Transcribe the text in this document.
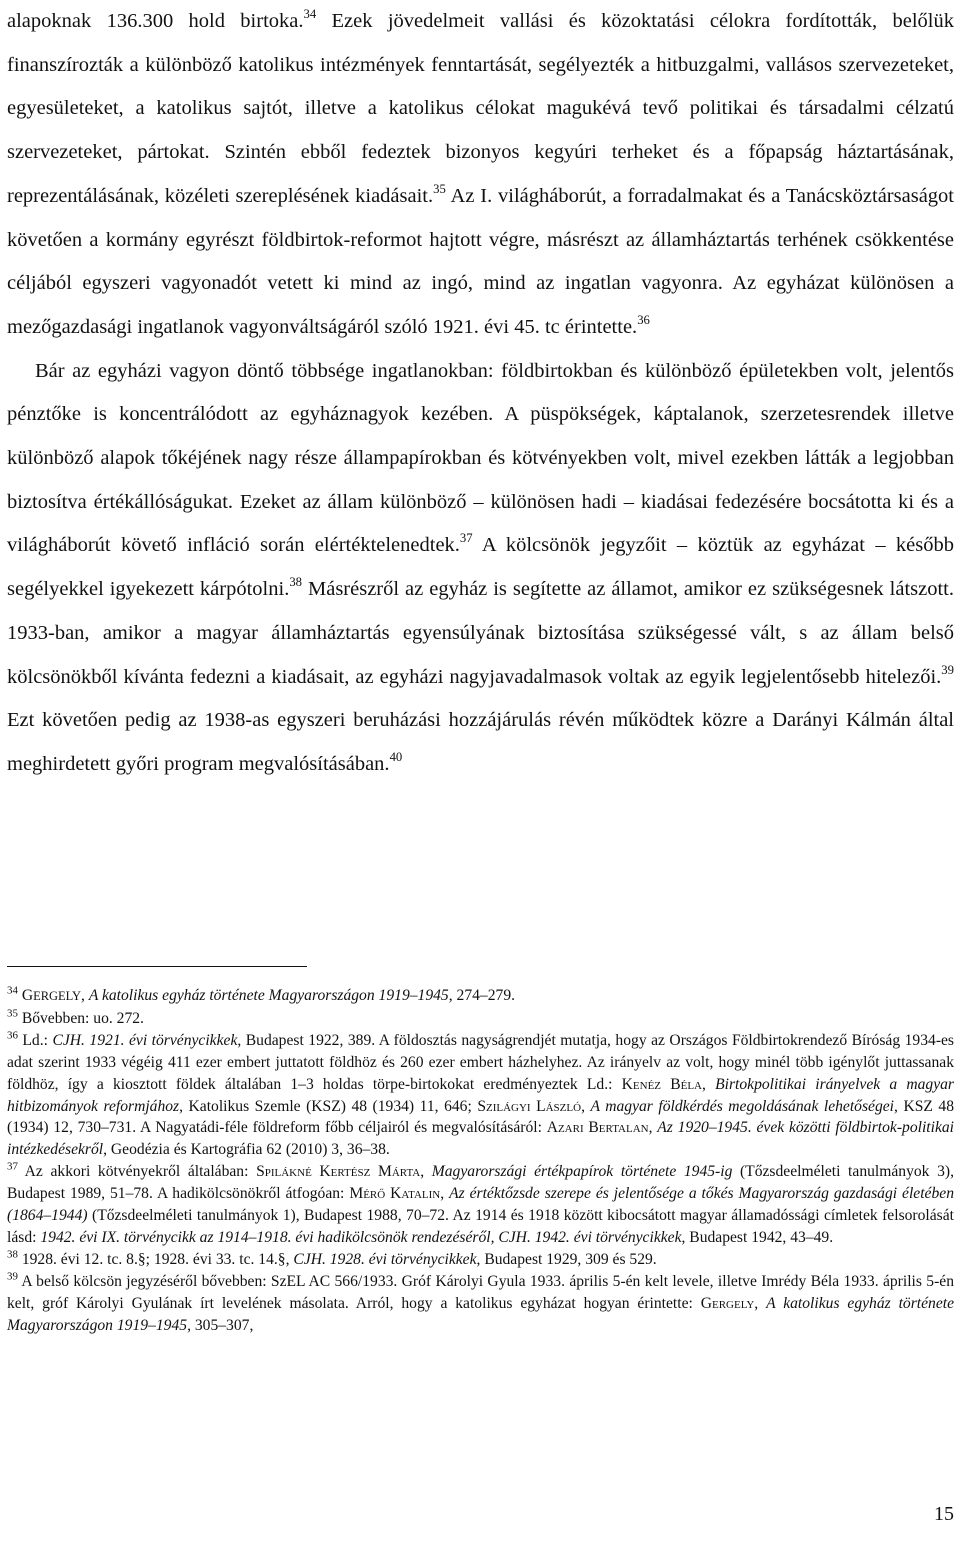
alapoknak 136.300 hold birtoka.$^{34}$ Ezek jövedelmeit vallási és közoktatási célokra fordították, belőlük finanszírozták a különböző katolikus intézmények fenntartását, segélyezték a hitbuzgalmi, vallásos szervezeteket, egyesületeket, a katolikus sajtót, illetve a katolikus célokat magukévá tevő politikai és társadalmi célzatú szervezeteket, pártokat. Szintén ebből fedeztek bizonyos kegyúri terheket és a főpapság háztartásának, reprezentálásának, közéleti szereplésének kiadásait.$^{35}$ Az I. világháborút, a forradalmakat és a Tanácsköztársaságot követően a kormány egyrészt földbirtok-reformot hajtott végre, másrészt az államháztartás terhének csökkentése céljából egyszeri vagyonadót vetett ki mind az ingó, mind az ingatlan vagyonra. Az egyházat különösen a mezőgazdasági ingatlanok vagyonváltságáról szóló 1921. évi 45. tc érintette.$^{36}$

Bár az egyházi vagyon döntő többsége ingatlanokban: földbirtokban és különböző épületekben volt, jelentős pénztőke is koncentrálódott az egyháznagyok kezében. A püspökségek, káptalanok, szerzetesrendek illetve különböző alapok tőkéjének nagy része állampapírokban és kötvényekben volt, mivel ezekben látták a legjobban biztosítva értékállóságukat. Ezeket az állam különböző – különösen hadi – kiadásai fedezésére bocsátotta ki és a világháborút követő infláció során elértéktelenedtek.$^{37}$ A kölcsönök jegyzőit – köztük az egyházat – később segélyekkel igyekezett kárpótolni.$^{38}$ Másrészről az egyház is segítette az államot, amikor ez szükségesnek látszott. 1933-ban, amikor a magyar államháztartás egyensúlyának biztosítása szükségessé vált, s az állam belső kölcsönökből kívánta fedezni a kiadásait, az egyházi nagyjavadalmasok voltak az egyik legjelentősebb hitelezői.$^{39}$ Ezt követően pedig az 1938-as egyszeri beruházási hozzájárulás révén működtek közre a Darányi Kálmán által meghirdetett győri program megvalósításában.$^{40}$

$^{34}$ GERGELY, A katolikus egyház története Magyarországon 1919–1945, 274–279.

$^{35}$ Bővebben: uo. 272.

$^{36}$ Ld.: CJH. 1921. évi törvénycikkek, Budapest 1922, 389. A földosztás nagyságrendjét mutatja, hogy az Országos Földbirtokrendező Bíróság 1934-es adat szerint 1933 végéig 411 ezer embert juttatott földhöz és 260 ezer embert házhelyhez. Az irányelv az volt, hogy minél több igénylőt juttassanak földhöz, így a kiosztott földek általában 1–3 holdas törpe-birtokokat eredményeztek Ld.: Kenéz Béla, Birtokpolitikai irányelvek a magyar hitbizományok reformjához, Katolikus Szemle (KSZ) 48 (1934) 11, 646; Szilágyi László, A magyar földkérdés megoldásának lehetőségei, KSZ 48 (1934) 12, 730–731. A Nagyatádi-féle földreform főbb céljairól és megvalósításáról: Azari Bertalan, Az 1920–1945. évek közötti földbirtok-politikai intézkedésekről, Geodézia és Kartográfia 62 (2010) 3, 36–38.

$^{37}$ Az akkori kötvényekről általában: Spilákné Kertész Márta, Magyarországi értékpapírok története 1945-ig (Tőzsdeelméleti tanulmányok 3), Budapest 1989, 51–78. A hadikölcsönökről átfogóan: Mérő Katalin, Az értéktőzsde szerepe és jelentősége a tőkés Magyarország gazdasági életében (1864–1944) (Tőzsdeelméleti tanulmányok 1), Budapest 1988, 70–72. Az 1914 és 1918 között kibocsátott magyar államadóssági címletek felsorolását lásd: 1942. évi IX. törvénycikk az 1914–1918. évi hadikölcsönök rendezéséről, CJH. 1942. évi törvénycikkek, Budapest 1942, 43–49.

$^{38}$ 1928. évi 12. tc. 8.§; 1928. évi 33. tc. 14.§, CJH. 1928. évi törvénycikkek, Budapest 1929, 309 és 529.

$^{39}$ A belső kölcsön jegyzéséről bővebben: SzEL AC 566/1933. Gróf Károlyi Gyula 1933. április 5-én kelt levele, illetve Imrédy Béla 1933. április 5-én kelt, gróf Károlyi Gyulának írt levelének másolata. Arról, hogy a katolikus egyházat hogyan érintette: Gergely, A katolikus egyház története Magyarországon 1919–1945, 305–307,

15
